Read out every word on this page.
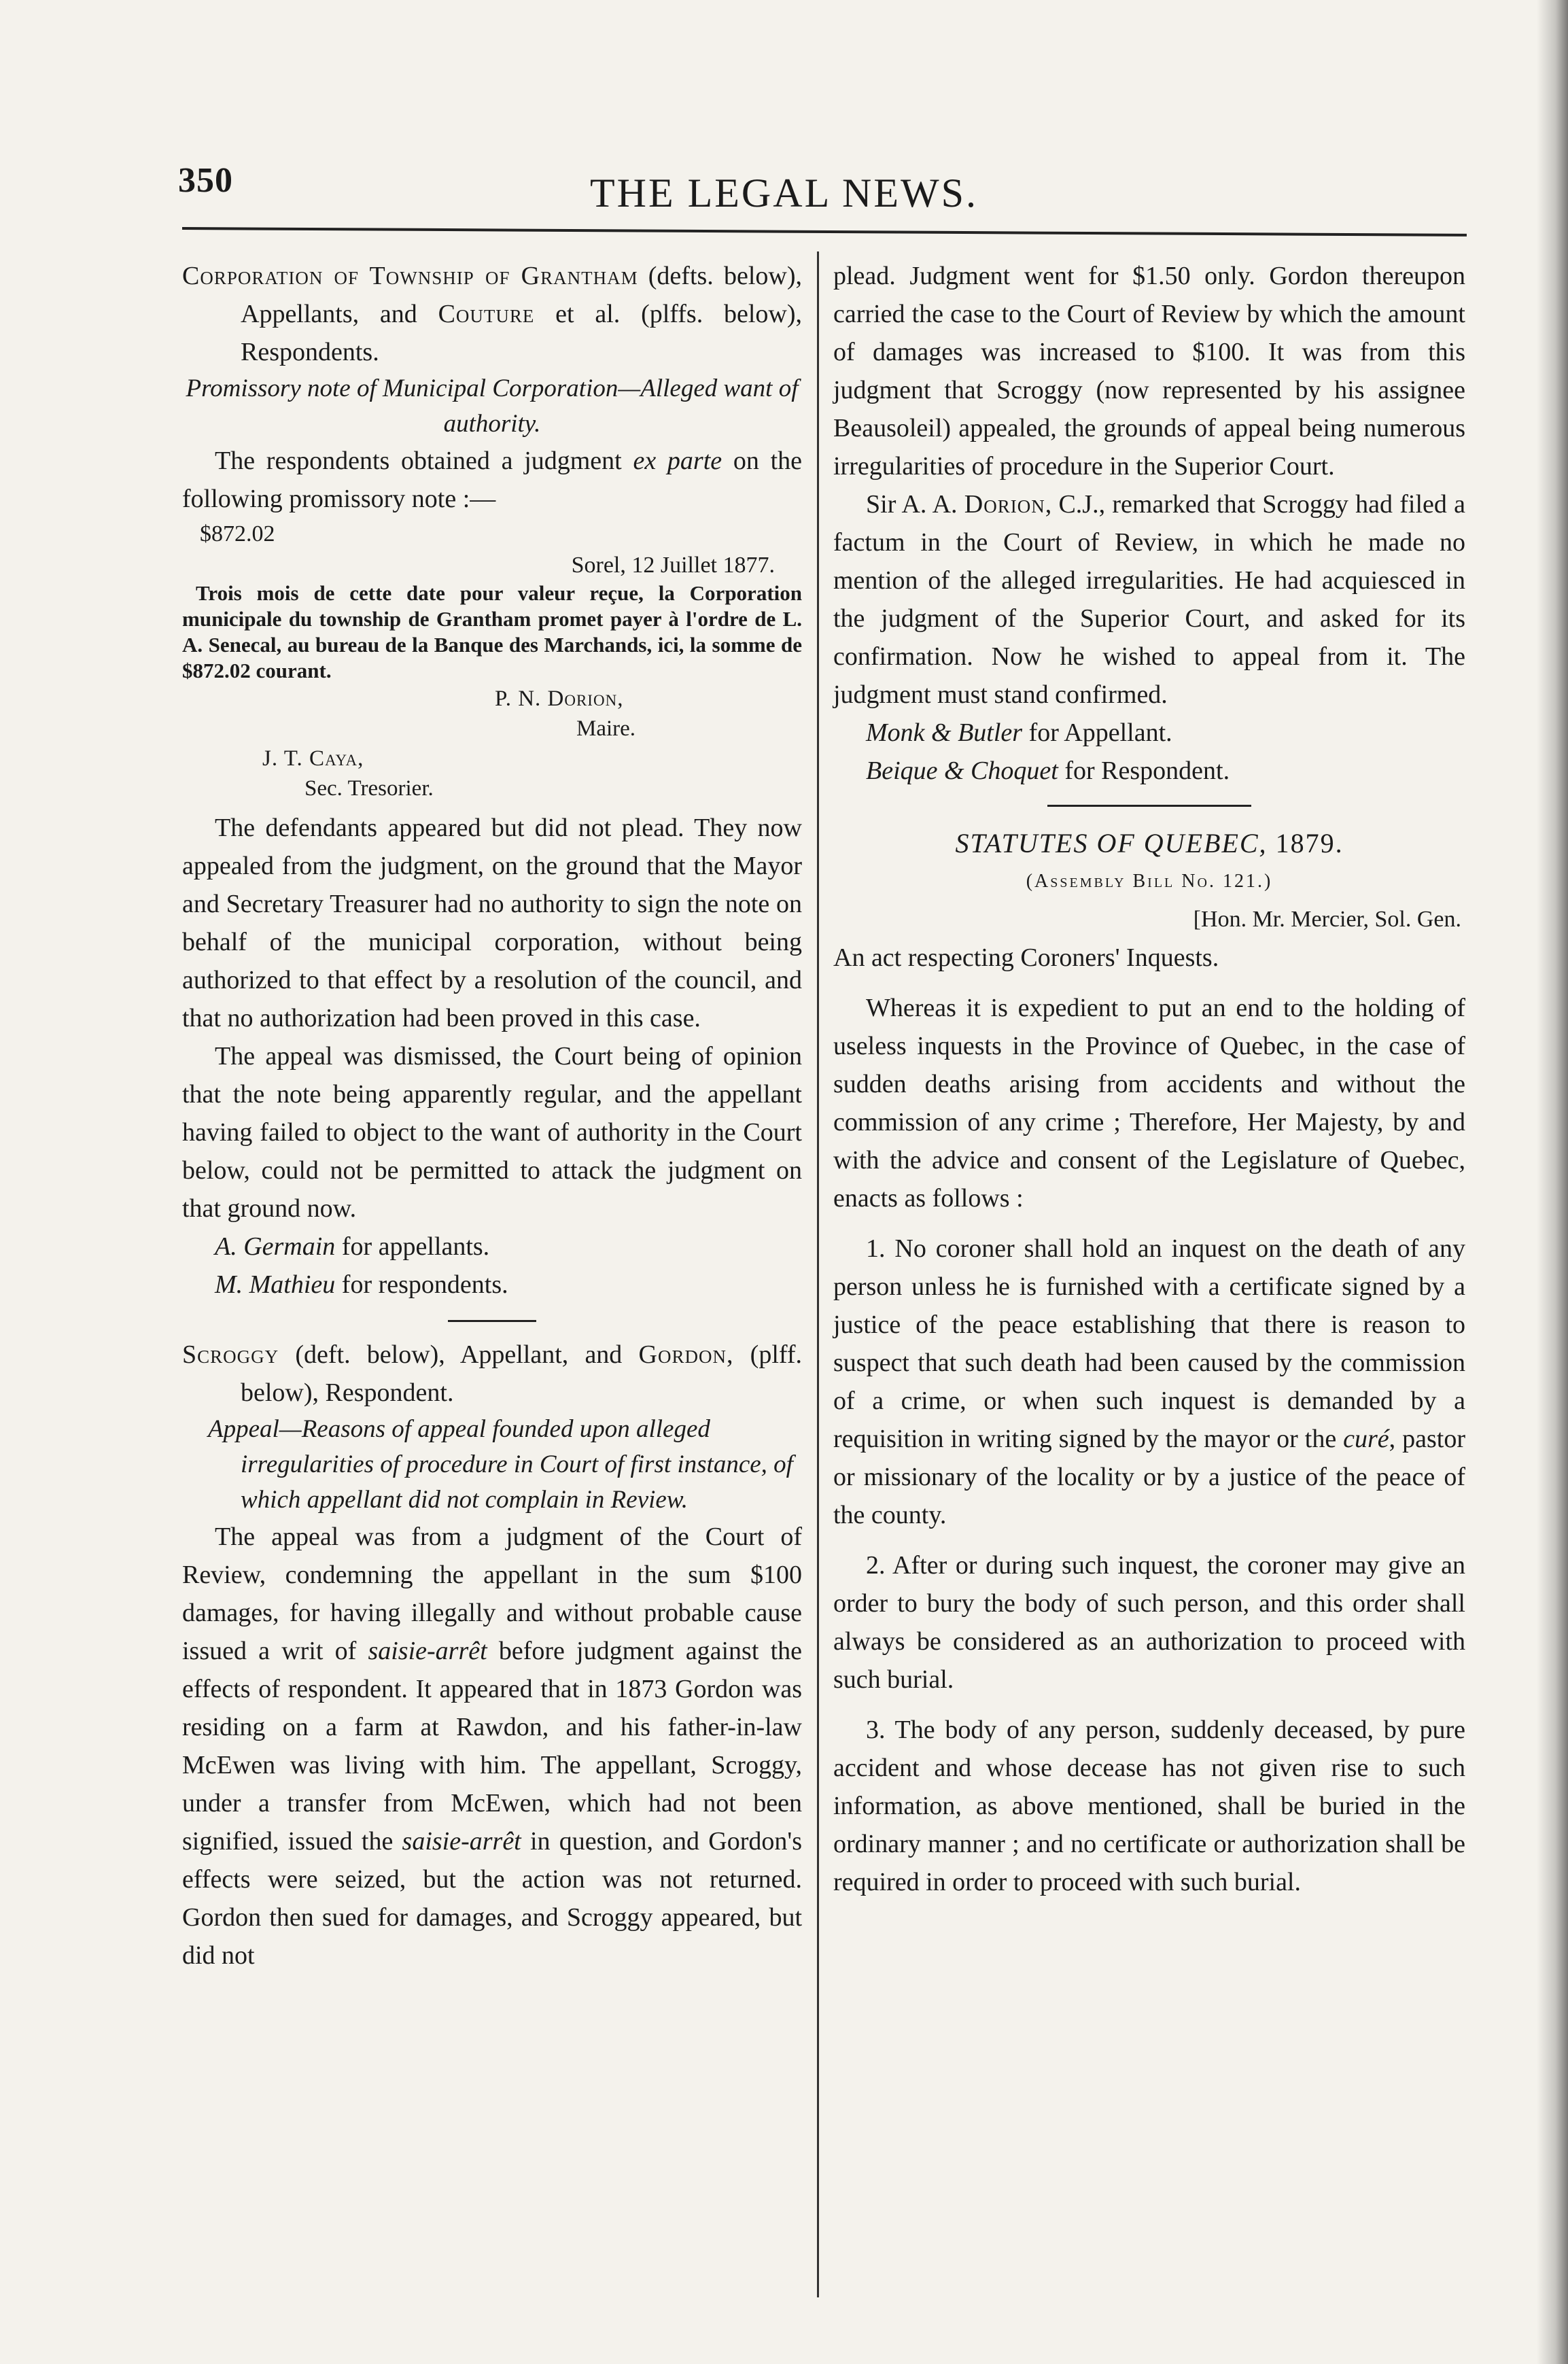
350	THE LEGAL NEWS.

Corporation of Township of Grantham (defts. below), Appellants, and Couture et al. (plffs. below), Respondents.

Promissory note of Municipal Corporation—Alleged want of authority.

The respondents obtained a judgment ex parte on the following promissory note :—

$872.02

Sorel, 12 Juillet 1877.

Trois mois de cette date pour valeur reçue, la Corporation municipale du township de Grantham promet payer à l'ordre de L. A. Senecal, au bureau de la Banque des Marchands, ici, la somme de $872.02 courant.

P. N. Dorion,

Maire.

J. T. Caya,

Sec. Tresorier.

The defendants appeared but did not plead. They now appealed from the judgment, on the ground that the Mayor and Secretary Treasurer had no authority to sign the note on behalf of the municipal corporation, without being authorized to that effect by a resolution of the council, and that no authorization had been proved in this case.

The appeal was dismissed, the Court being of opinion that the note being apparently regular, and the appellant having failed to object to the want of authority in the Court below, could not be permitted to attack the judgment on that ground now.

A. Germain for appellants.

M. Mathieu for respondents.

Scroggy (deft. below), Appellant, and Gordon, (plff. below), Respondent.

Appeal—Reasons of appeal founded upon alleged irregularities of procedure in Court of first instance, of which appellant did not complain in Review.

The appeal was from a judgment of the Court of Review, condemning the appellant in the sum $100 damages, for having illegally and without probable cause issued a writ of saisie-arrêt before judgment against the effects of respondent. It appeared that in 1873 Gordon was residing on a farm at Rawdon, and his father-in-law McEwen was living with him. The appellant, Scroggy, under a transfer from McEwen, which had not been signified, issued the saisie-arrêt in question, and Gordon's effects were seized, but the action was not returned. Gordon then sued for damages, and Scroggy appeared, but did not

plead. Judgment went for $1.50 only. Gordon thereupon carried the case to the Court of Review by which the amount of damages was increased to $100. It was from this judgment that Scroggy (now represented by his assignee Beausoleil) appealed, the grounds of appeal being numerous irregularities of procedure in the Superior Court.

Sir A. A. Dorion, C.J., remarked that Scroggy had filed a factum in the Court of Review, in which he made no mention of the alleged irregularities. He had acquiesced in the judgment of the Superior Court, and asked for its confirmation. Now he wished to appeal from it. The judgment must stand confirmed.

Monk & Butler for Appellant.

Beique & Choquet for Respondent.

STATUTES OF QUEBEC, 1879.

(Assembly Bill No. 121.)

[Hon. Mr. Mercier, Sol. Gen.

An act respecting Coroners' Inquests.

Whereas it is expedient to put an end to the holding of useless inquests in the Province of Quebec, in the case of sudden deaths arising from accidents and without the commission of any crime ; Therefore, Her Majesty, by and with the advice and consent of the Legislature of Quebec, enacts as follows :

1. No coroner shall hold an inquest on the death of any person unless he is furnished with a certificate signed by a justice of the peace establishing that there is reason to suspect that such death had been caused by the commission of a crime, or when such inquest is demanded by a requisition in writing signed by the mayor or the curé, pastor or missionary of the locality or by a justice of the peace of the county.

2. After or during such inquest, the coroner may give an order to bury the body of such person, and this order shall always be considered as an authorization to proceed with such burial.

3. The body of any person, suddenly deceased, by pure accident and whose decease has not given rise to such information, as above mentioned, shall be buried in the ordinary manner ; and no certificate or authorization shall be required in order to proceed with such burial.
